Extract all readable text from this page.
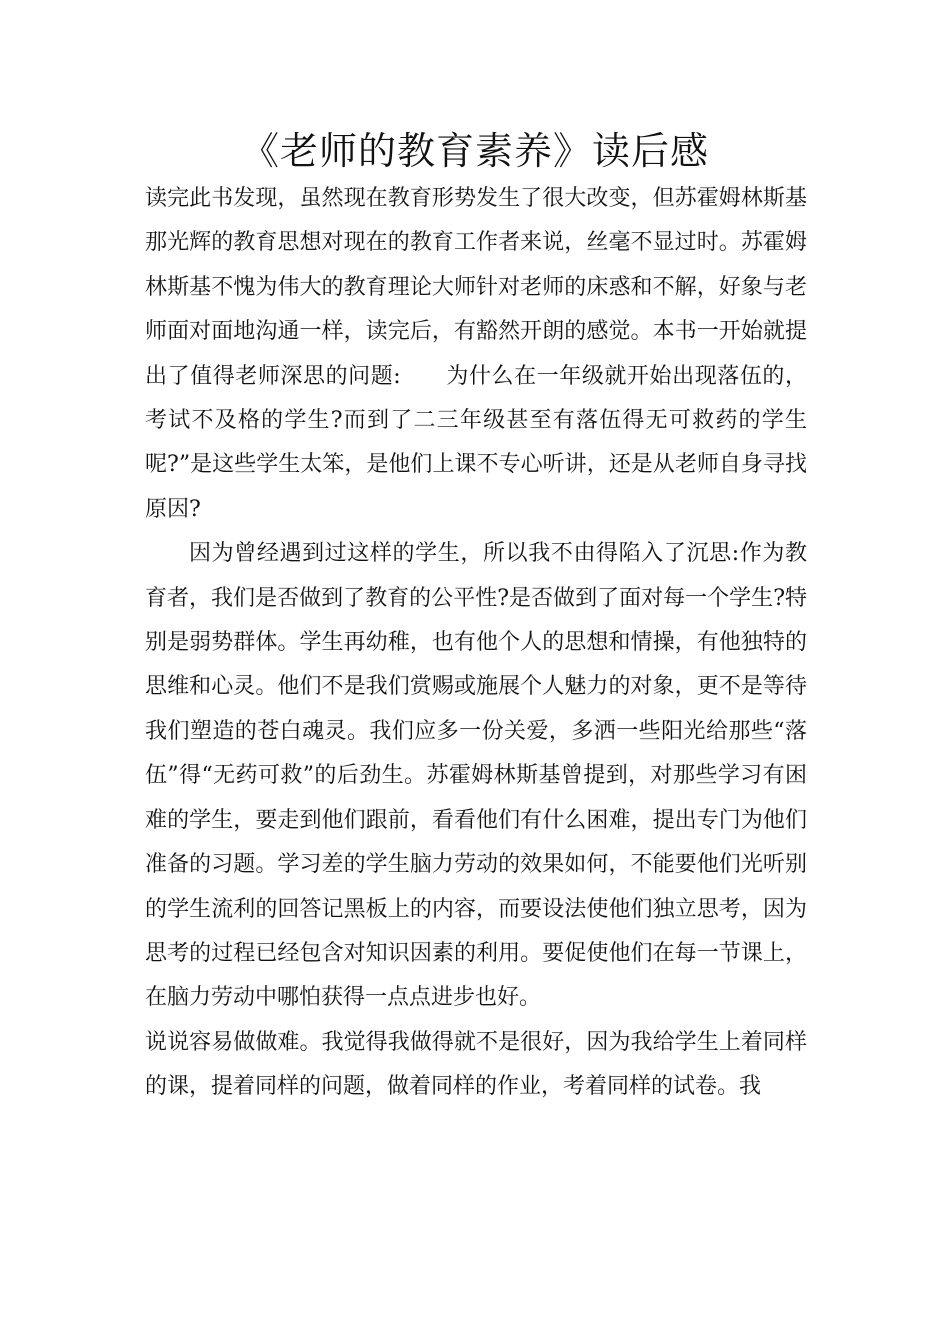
《老师的教育素养》读后感

读完此书发现，虽然现在教育形势发生了很大改变，但苏霍姆林斯基那光辉的教育思想对现在的教育工作者来说，丝毫不显过时。苏霍姆林斯基不愧为伟大的教育理论大师针对老师的床惑和不解，好象与老师面对面地沟通一样，读完后，有豁然开朗的感觉。本书一开始就提出了值得老师深思的问题:　　为什么在一年级就开始出现落伍的，考试不及格的学生?而到了二三年级甚至有落伍得无可救药的学生呢?”是这些学生太笨，是他们上课不专心听讲，还是从老师自身寻找原因?

因为曾经遇到过这样的学生，所以我不由得陷入了沉思:作为教育者，我们是否做到了教育的公平性?是否做到了面对每一个学生?特别是弱势群体。学生再幼稚，也有他个人的思想和情操，有他独特的思维和心灵。他们不是我们赏赐或施展个人魅力的对象，更不是等待我们塑造的苍白魂灵。我们应多一份关爱，多洒一些阳光给那些“落伍”得“无药可救”的后劲生。苏霍姆林斯基曾提到，对那些学习有困难的学生，要走到他们跟前，看看他们有什么困难，提出专门为他们准备的习题。学习差的学生脑力劳动的效果如何，不能要他们光听别的学生流利的回答记黑板上的内容，而要设法使他们独立思考，因为思考的过程已经包含对知识因素的利用。要促使他们在每一节课上，在脑力劳动中哪怕获得一点点进步也好。

说说容易做做难。我觉得我做得就不是很好，因为我给学生上着同样的课，提着同样的问题，做着同样的作业，考着同样的试卷。我
